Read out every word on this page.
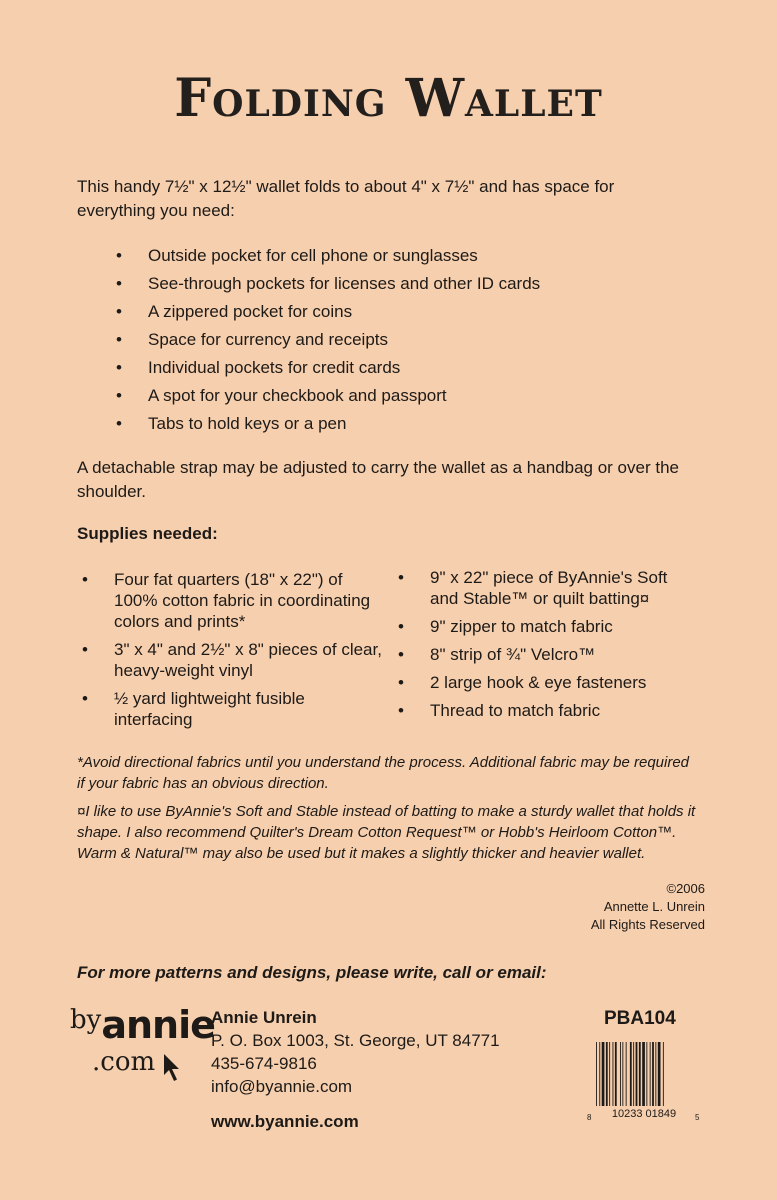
Folding Wallet
This handy 7½" x 12½" wallet folds to about 4" x 7½" and has space for everything you need:
• Outside pocket for cell phone or sunglasses
• See-through pockets for licenses and other ID cards
• A zippered pocket for coins
• Space for currency and receipts
• Individual pockets for credit cards
• A spot for your checkbook and passport
• Tabs to hold keys or a pen
A detachable strap may be adjusted to carry the wallet as a handbag or over the shoulder.
Supplies needed:
• Four fat quarters (18" x 22") of 100% cotton fabric in coordinating colors and prints*
• 3" x 4" and 2½" x 8" pieces of clear, heavy-weight vinyl
• ½ yard lightweight fusible interfacing
• 9" x 22" piece of ByAnnie's Soft and Stable™ or quilt batting¤
• 9" zipper to match fabric
• 8" strip of ¾" Velcro™
• 2 large hook & eye fasteners
• Thread to match fabric
*Avoid directional fabrics until you understand the process. Additional fabric may be required if your fabric has an obvious direction.
¤I like to use ByAnnie's Soft and Stable instead of batting to make a sturdy wallet that holds it shape. I also recommend Quilter's Dream Cotton Request™ or Hobb's Heirloom Cotton™. Warm & Natural™ may also be used but it makes a slightly thicker and heavier wallet.
©2006
Annette L. Unrein
All Rights Reserved
For more patterns and designs, please write, call or email:
byannie
.com
Annie Unrein
P. O. Box 1003, St. George, UT 84771
435-674-9816
info@byannie.com
www.byannie.com
PBA104
8 10233 01849 5
